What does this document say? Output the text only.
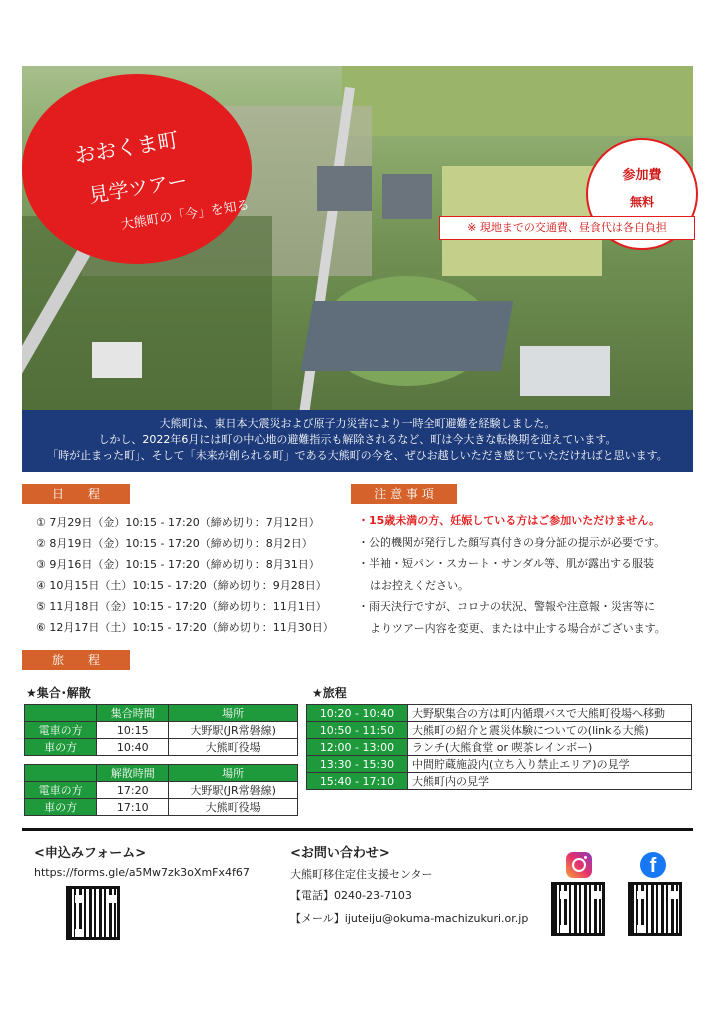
おおくま町
見学ツアー
大熊町の「今」を知る
参加費
無料
※ 現地までの交通費、昼食代は各自負担
大熊町は、東日本大震災および原子力災害により一時全町避難を経験しました。
しかし、2022年6月には町の中心地の避難指示も解除されるなど、町は今大きな転換期を迎えています。
「時が止まった町」、そして「未来が創られる町」である大熊町の今を、ぜひお越しいただき感じていただければと思います。
日　　程
① 7月29日（金）10:15 - 17:20（締め切り：7月12日）
② 8月19日（金）10:15 - 17:20（締め切り：8月2日）
③ 9月16日（金）10:15 - 17:20（締め切り：8月31日）
④ 10月15日（土）10:15 - 17:20（締め切り：9月28日）
⑤ 11月18日（金）10:15 - 17:20（締め切り：11月1日）
⑥ 12月17日（土）10:15 - 17:20（締め切り：11月30日）
注 意 事 項
・15歳未満の方、妊娠している方はご参加いただけません。
・公的機関が発行した顔写真付きの身分証の提示が必要です。
・半袖・短パン・スカート・サンダル等、肌が露出する服装
はお控えください。
・雨天決行ですが、コロナの状況、警報や注意報・災害等に
よりツアー内容を変更、または中止する場合がございます。
旅　　程
★集合･解散	★旅程
	集合時間	場所
電車の方	10:15	大野駅(JR常磐線)
車の方	10:40	大熊町役場
	解散時間	場所
電車の方	17:20	大野駅(JR常磐線)
車の方	17:10	大熊町役場
10:20 - 10:40	大野駅集合の方は町内循環バスで大熊町役場へ移動
10:50 - 11:50	大熊町の紹介と震災体験についての(linkる大熊)
12:00 - 13:00	ランチ(大熊食堂 or 喫茶レインボー)
13:30 - 15:30	中間貯蔵施設内(立ち入り禁止エリア)の見学
15:40 - 17:10	大熊町内の見学
<申込みフォーム>
https://forms.gle/a5Mw7zk3oXmFx4f67
<お問い合わせ>
大熊町移住定住支援センター
【電話】0240-23-7103
【メール】ijuteiju@okuma-machizukuri.or.jp
f
